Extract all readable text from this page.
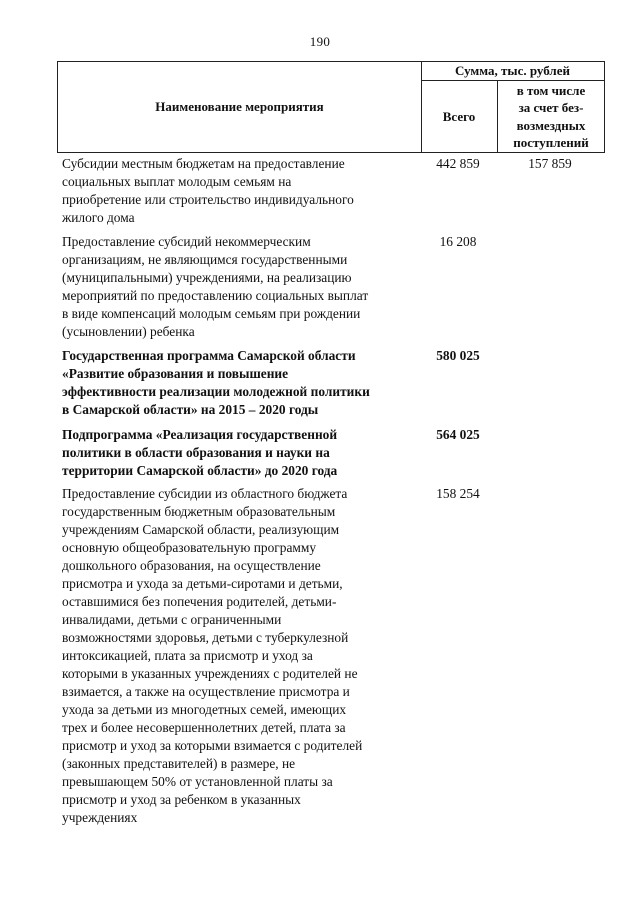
190
Наименование мероприятия
Сумма, тыс. рублей
Всего
в том числе
за счет без-
возмездных
поступлений
Субсидии местным бюджетам на предоставление
социальных выплат молодым семьям на
приобретение или строительство индивидуального
жилого дома
442 859	157 859
Предоставление субсидий некоммерческим
организациям, не являющимся государственными
(муниципальными) учреждениями, на реализацию
мероприятий по предоставлению социальных выплат
в виде компенсаций молодым семьям при рождении
(усыновлении) ребенка
16 208
Государственная программа Самарской области
«Развитие образования и повышение
эффективности реализации молодежной политики
в Самарской области» на 2015 – 2020 годы
580 025
Подпрограмма «Реализация государственной
политики в области образования и науки на
территории Самарской области» до 2020 года
564 025
Предоставление субсидии из областного бюджета
государственным бюджетным образовательным
учреждениям Самарской области, реализующим
основную общеобразовательную программу
дошкольного образования, на осуществление
присмотра и ухода за детьми-сиротами и детьми,
оставшимися без попечения родителей, детьми-
инвалидами, детьми с ограниченными
возможностями здоровья, детьми с туберкулезной
интоксикацией, плата за присмотр и уход за
которыми в указанных учреждениях с родителей не
взимается, а также на осуществление присмотра и
ухода за детьми из многодетных семей, имеющих
трех и более несовершеннолетних детей, плата за
присмотр и уход за которыми взимается с родителей
(законных представителей) в размере, не
превышающем 50% от установленной платы за
присмотр и уход за ребенком в указанных
учреждениях
158 254
